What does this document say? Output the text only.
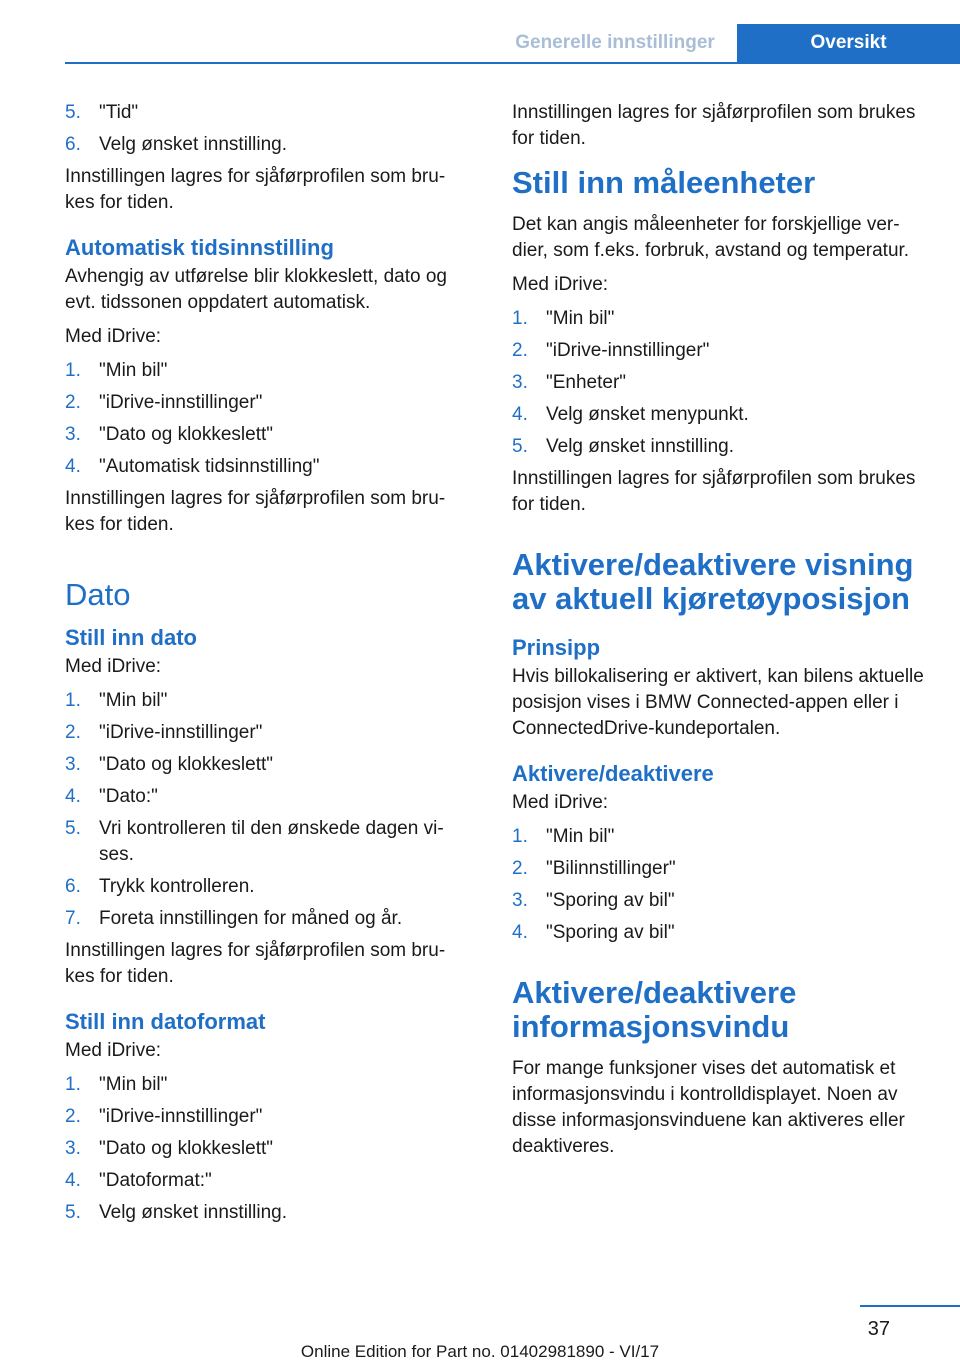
Generelle innstillinger	Oversikt
5. "Tid"
6. Velg ønsket innstilling.

Innstillingen lagres for sjåførprofilen som brukes for tiden.

Automatisk tidsinnstilling

Avhengig av utførelse blir klokkeslett, dato og evt. tidssonen oppdatert automatisk.

Med iDrive:

1. "Min bil"
2. "iDrive-innstillinger"
3. "Dato og klokkeslett"
4. "Automatisk tidsinnstilling"

Innstillingen lagres for sjåførprofilen som brukes for tiden.

Dato
Still inn dato

Med iDrive:

1. "Min bil"
2. "iDrive-innstillinger"
3. "Dato og klokkeslett"
4. "Dato:"
5. Vri kontrolleren til den ønskede dagen vises.
6. Trykk kontrolleren.
7. Foreta innstillingen for måned og år.

Innstillingen lagres for sjåførprofilen som brukes for tiden.

Still inn datoformat

Med iDrive:

1. "Min bil"
2. "iDrive-innstillinger"
3. "Dato og klokkeslett"
4. "Datoformat:"
5. Velg ønsket innstilling.

Innstillingen lagres for sjåførprofilen som brukes for tiden.

Still inn måleenheter

Det kan angis måleenheter for forskjellige verdier, som f.eks. forbruk, avstand og temperatur.

Med iDrive:

1. "Min bil"
2. "iDrive-innstillinger"
3. "Enheter"
4. Velg ønsket menypunkt.
5. Velg ønsket innstilling.

Innstillingen lagres for sjåførprofilen som brukes for tiden.

Aktivere/deaktivere visning av aktuell kjøretøyposisjon
Prinsipp

Hvis billokalisering er aktivert, kan bilens aktuelle posisjon vises i BMW Connected-appen eller i ConnectedDrive-kundeportalen.

Aktivere/deaktivere

Med iDrive:

1. "Min bil"
2. "Bilinnstillinger"
3. "Sporing av bil"
4. "Sporing av bil"
Aktivere/deaktivere informasjonsvindu

For mange funksjoner vises det automatisk et informasjonsvindu i kontrolldisplayet. Noen av disse informasjonsvinduene kan aktiveres eller deaktiveres.

37
Online Edition for Part no. 01402981890 - VI/17
